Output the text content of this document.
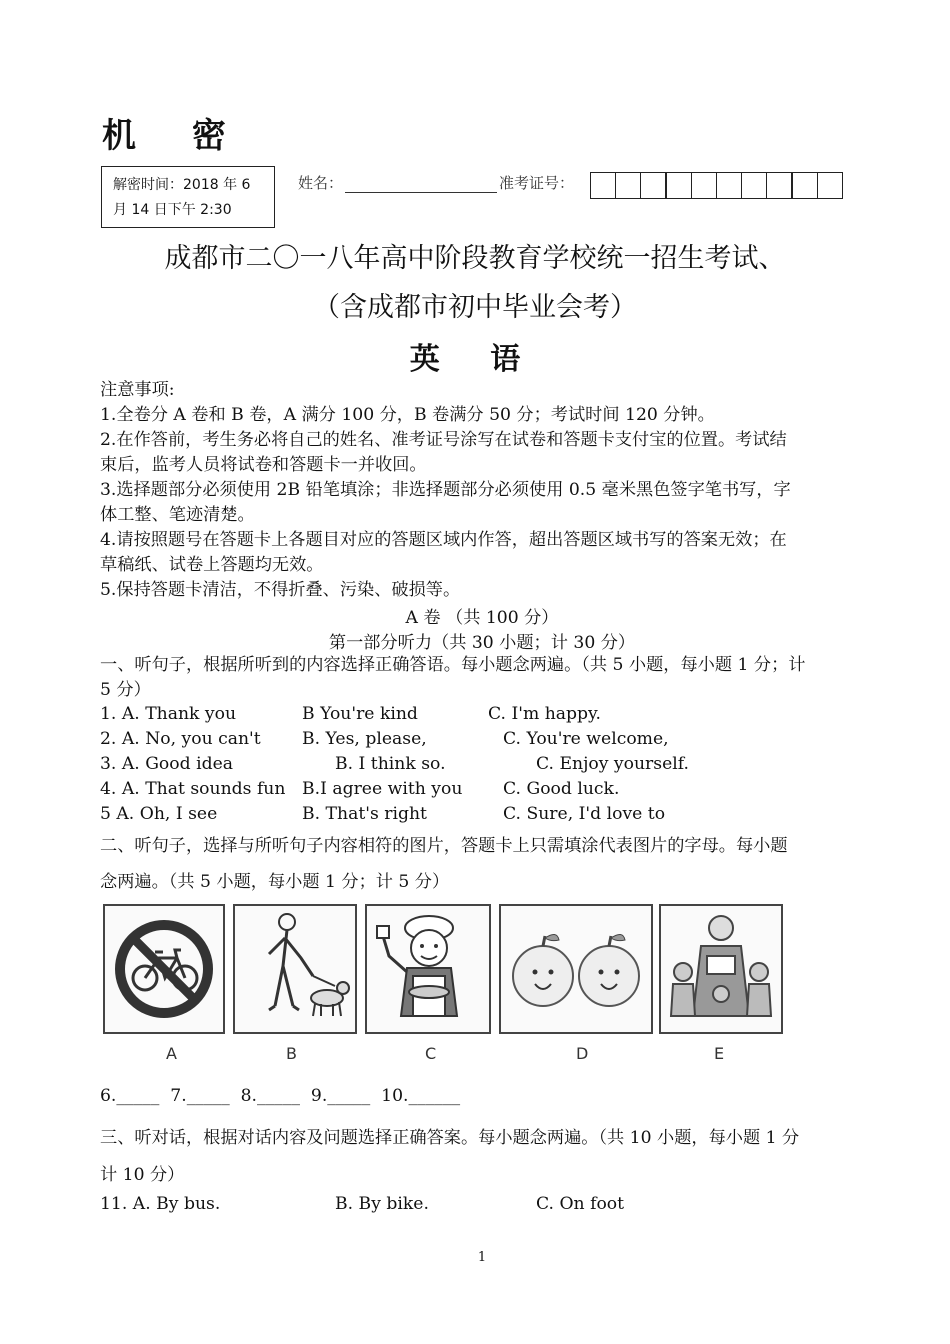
机 密
解密时间：2018 年 6
月 14 日下午 2:30
姓名：	准考证号：
成都市二〇一八年高中阶段教育学校统一招生考试、
（含成都市初中毕业会考）
英 语
注意事项:
1.全卷分 A 卷和 B 卷，A 满分 100 分，B 卷满分 50 分；考试时间 120 分钟。
2.在作答前，考生务必将自己的姓名、准考证号涂写在试卷和答题卡支付宝的位置。考试结
束后，监考人员将试卷和答题卡一并收回。
3.选择题部分必须使用 2B 铅笔填涂；非选择题部分必须使用 0.5 毫米黑色签字笔书写，字
体工整、笔迹清楚。
4.请按照题号在答题卡上各题目对应的答题区域内作答，超出答题区域书写的答案无效；在
草稿纸、试卷上答题均无效。
5.保持答题卡清洁，不得折叠、污染、破损等。
A 卷 （共 100 分）
第一部分听力（共 30 小题；计 30 分）
一、听句子，根据所听到的内容选择正确答语。每小题念两遍。（共 5 小题，每小题 1 分；计
5 分）
1. A. Thank you	B You're kind	C. I'm happy.
2. A. No, you can't B. Yes, please,	C. You're welcome,
3. A. Good idea	B. I think so.	C. Enjoy yourself.
4. A. That sounds fun B.I agree with you C. Good luck.
5 A. Oh, I see	B. That's right	C. Sure, I'd love to
二、听句子，选择与所听句子内容相符的图片，答题卡上只需填涂代表图片的字母。每小题
念两遍。（共 5 小题，每小题 1 分；计 5 分）
A	B	C	D	E
6._____  7._____  8._____  9._____  10.______
三、听对话，根据对话内容及问题选择正确答案。每小题念两遍。（共 10 小题，每小题 1 分
计 10 分）
11. A. By bus.	B. By bike.	C. On foot
1
